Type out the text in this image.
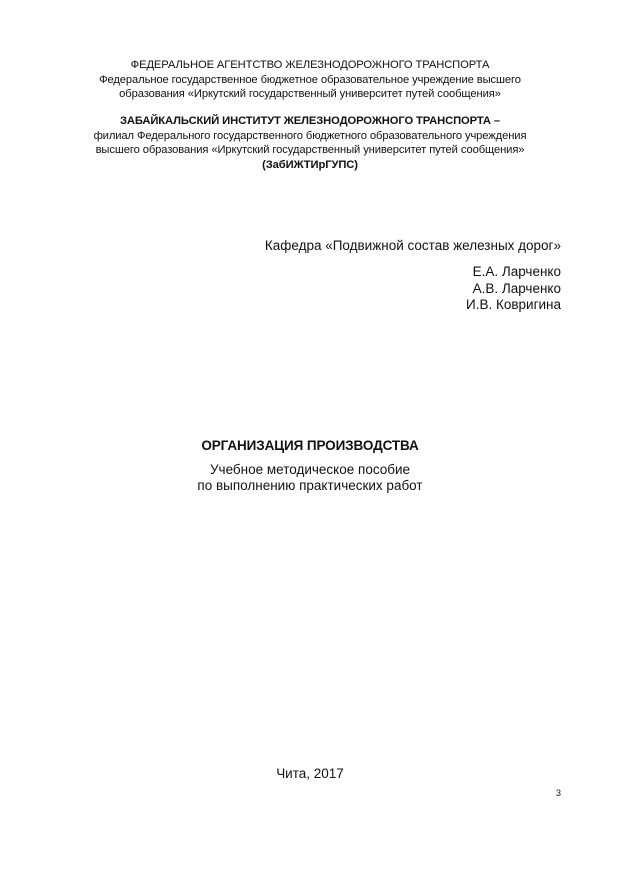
ФЕДЕРАЛЬНОЕ АГЕНТСТВО ЖЕЛЕЗНОДОРОЖНОГО ТРАНСПОРТА
Федеральное государственное бюджетное образовательное учреждение высшего
образования «Иркутский государственный университет путей сообщения»
ЗАБАЙКАЛЬСКИЙ ИНСТИТУТ ЖЕЛЕЗНОДОРОЖНОГО ТРАНСПОРТА –
филиал Федерального государственного бюджетного образовательного учреждения
высшего образования «Иркутский государственный университет путей сообщения»
(ЗабИЖТИрГУПС)
Кафедра «Подвижной состав железных дорог»
Е.А. Ларченко
А.В. Ларченко
И.В. Ковригина
ОРГАНИЗАЦИЯ ПРОИЗВОДСТВА
Учебное методическое пособие
по выполнению практических работ
Чита, 2017
3
